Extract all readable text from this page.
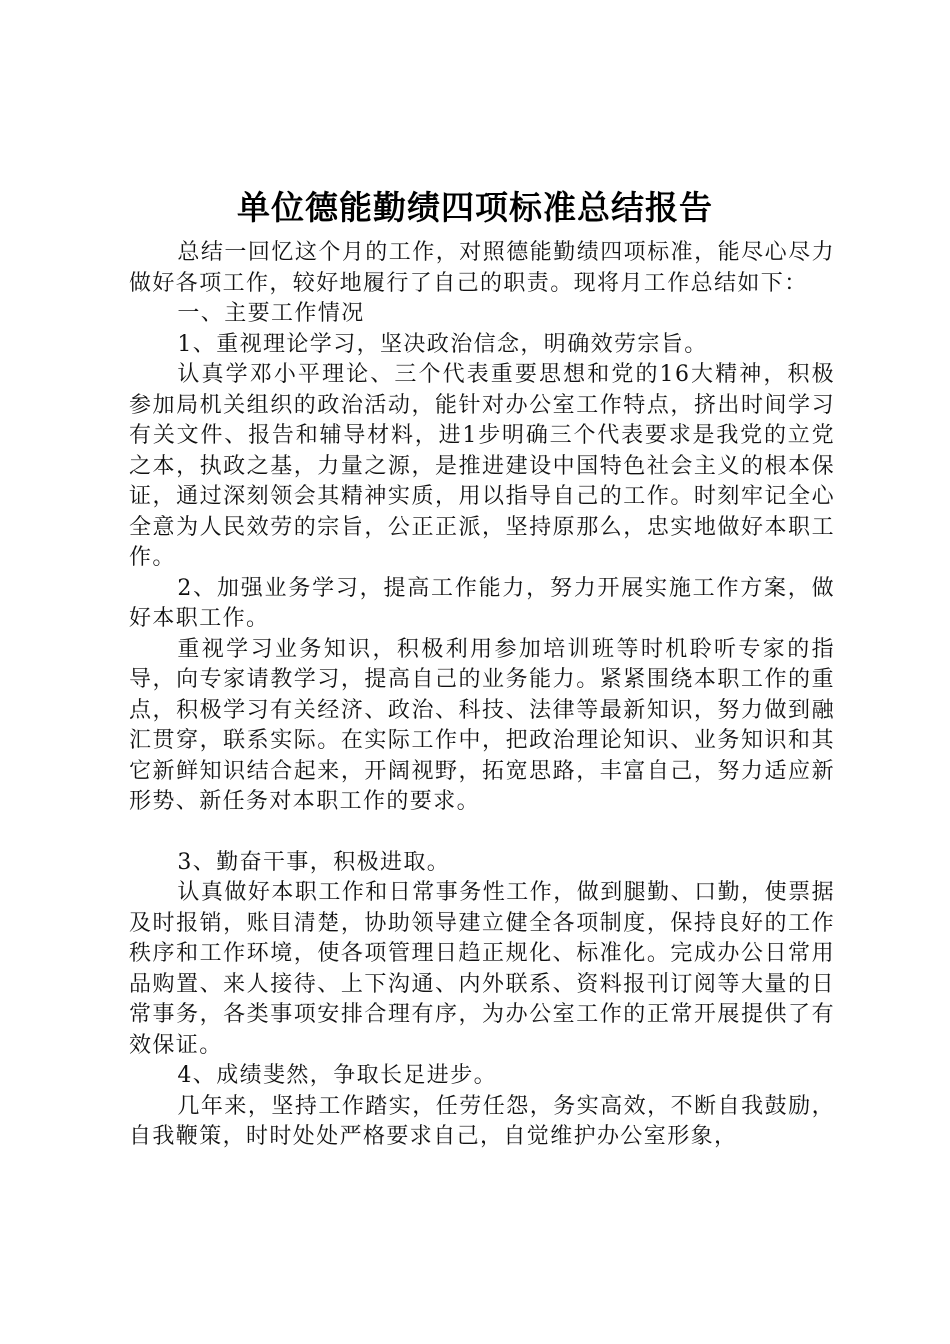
单位德能勤绩四项标准总结报告

总结一回忆这个月的工作，对照德能勤绩四项标准，能尽心尽力做好各项工作，较好地履行了自己的职责。现将月工作总结如下：

一、主要工作情况

1、重视理论学习，坚决政治信念，明确效劳宗旨。

认真学邓小平理论、三个代表重要思想和党的16大精神，积极参加局机关组织的政治活动，能针对办公室工作特点，挤出时间学习有关文件、报告和辅导材料，进1步明确三个代表要求是我党的立党之本，执政之基，力量之源，是推进建设中国特色社会主义的根本保证，通过深刻领会其精神实质，用以指导自己的工作。时刻牢记全心全意为人民效劳的宗旨，公正正派，坚持原那么，忠实地做好本职工作。

2、加强业务学习，提高工作能力，努力开展实施工作方案，做好本职工作。

重视学习业务知识，积极利用参加培训班等时机聆听专家的指导，向专家请教学习，提高自己的业务能力。紧紧围绕本职工作的重点，积极学习有关经济、政治、科技、法律等最新知识，努力做到融汇贯穿，联系实际。在实际工作中，把政治理论知识、业务知识和其它新鲜知识结合起来，开阔视野，拓宽思路，丰富自己，努力适应新形势、新任务对本职工作的要求。

3、勤奋干事，积极进取。

认真做好本职工作和日常事务性工作，做到腿勤、口勤，使票据及时报销，账目清楚，协助领导建立健全各项制度，保持良好的工作秩序和工作环境，使各项管理日趋正规化、标准化。完成办公日常用品购置、来人接待、上下沟通、内外联系、资料报刊订阅等大量的日常事务，各类事项安排合理有序，为办公室工作的正常开展提供了有效保证。

4、成绩斐然，争取长足进步。

几年来，坚持工作踏实，任劳任怨，务实高效，不断自我鼓励，自我鞭策，时时处处严格要求自己，自觉维护办公室形象，
